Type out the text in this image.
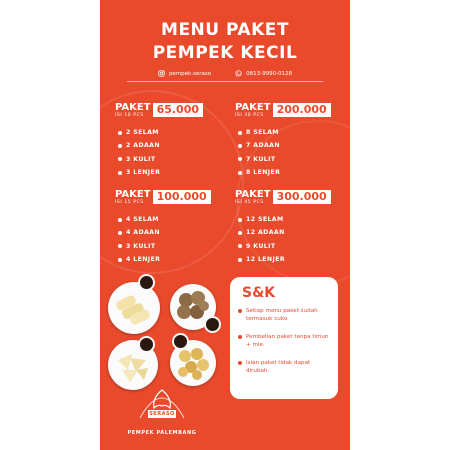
MENU PAKET
PEMPEK KECIL
pempek.seraso	0813-9990-0128
PAKET
ISI 10 PCS	65.000
2 SELAM
2 ADAAN
3 KULIT
3 LENJER
PAKET
ISI 30 PCS	200.000
8 SELAM
7 ADAAN
7 KULIT
8 LENJER
PAKET
ISI 15 PCS	100.000
4 SELAM
4 ADAAN
3 KULIT
4 LENJER
PAKET
ISI 45 PCS	300.000
12 SELAM
12 ADAAN
9 KULIT
12 LENJER
SERASO
PEMPEK PALEMBANG
S&K
Setiap menu paket sudah termasuk cuko.
Pembelian paket tanpa timun + mie.
Isian paket tidak dapat dirubah.
